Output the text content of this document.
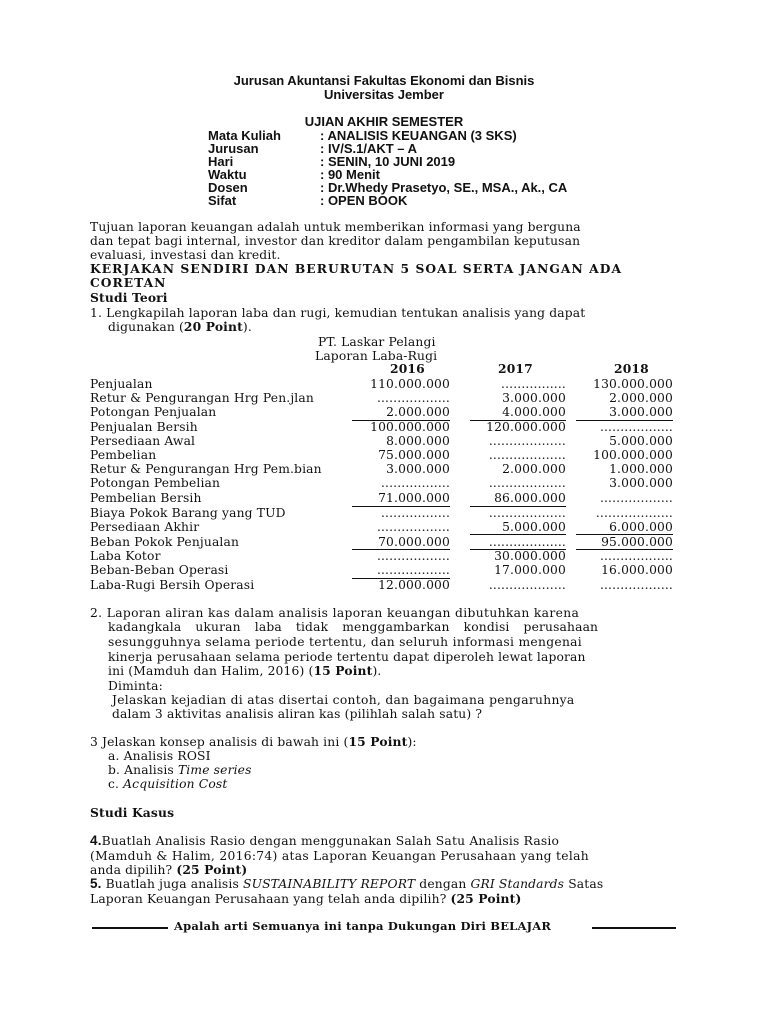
Jurusan Akuntansi Fakultas Ekonomi dan Bisnis
Universitas Jember
UJIAN AKHIR SEMESTER
Mata Kuliah	: ANALISIS KEUANGAN (3 SKS)
Jurusan	: IV/S.1/AKT – A
Hari	: SENIN, 10 JUNI 2019
Waktu	: 90 Menit
Dosen	: Dr.Whedy Prasetyo, SE., MSA., Ak., CA
Sifat	: OPEN BOOK
Tujuan laporan keuangan adalah untuk memberikan informasi yang berguna
dan tepat bagi internal, investor dan kreditor dalam pengambilan keputusan
evaluasi, investasi dan kredit.
KERJAKAN SENDIRI DAN BERURUTAN 5 SOAL SERTA JANGAN ADA
CORETAN
Studi Teori
1. Lengkapilah laporan laba dan rugi, kemudian tentukan analisis yang dapat
digunakan (20 Point).
PT. Laskar Pelangi
Laporan Laba-Rugi
2016	2017	2018
Penjualan	110.000.000	................	130.000.000
Retur & Pengurangan Hrg Pen.jlan	..................	3.000.000	2.000.000
Potongan Penjualan	2.000.000	4.000.000	3.000.000
Penjualan Bersih	100.000.000	120.000.000	..................
Persediaan Awal	8.000.000	...................	5.000.000
Pembelian	75.000.000	...................	100.000.000
Retur & Pengurangan Hrg Pem.bian	3.000.000	2.000.000	1.000.000
Potongan Pembelian	.................	...................	3.000.000
Pembelian Bersih	71.000.000	86.000.000	..................
Biaya Pokok Barang yang TUD	.................	...................	...................
Persediaan Akhir	..................	5.000.000	6.000.000
Beban Pokok Penjualan	70.000.000	...................	95.000.000
Laba Kotor	..................	30.000.000	..................
Beban-Beban Operasi	..................	17.000.000	16.000.000
Laba-Rugi Bersih Operasi	12.000.000	...................	..................
2. Laporan aliran kas dalam analisis laporan keuangan dibutuhkan karena
kadangkala ukuran laba tidak menggambarkan kondisi perusahaan
sesungguhnya selama periode tertentu, dan seluruh informasi mengenai
kinerja perusahaan selama periode tertentu dapat diperoleh lewat laporan
ini (Mamduh dan Halim, 2016) (15 Point).
Diminta:
Jelaskan kejadian di atas disertai contoh, dan bagaimana pengaruhnya
dalam 3 aktivitas analisis aliran kas (pilihlah salah satu) ?
3 Jelaskan konsep analisis di bawah ini (15 Point):
a. Analisis ROSI
b. Analisis Time series
c. Acquisition Cost
Studi Kasus
4.Buatlah Analisis Rasio dengan menggunakan Salah Satu Analisis Rasio
(Mamduh & Halim, 2016:74) atas Laporan Keuangan Perusahaan yang telah
anda dipilih? (25 Point)
5. Buatlah juga analisis SUSTAINABILITY REPORT dengan GRI Standards Satas
Laporan Keuangan Perusahaan yang telah anda dipilih? (25 Point)
Apalah arti Semuanya ini tanpa Dukungan Diri BELAJAR
